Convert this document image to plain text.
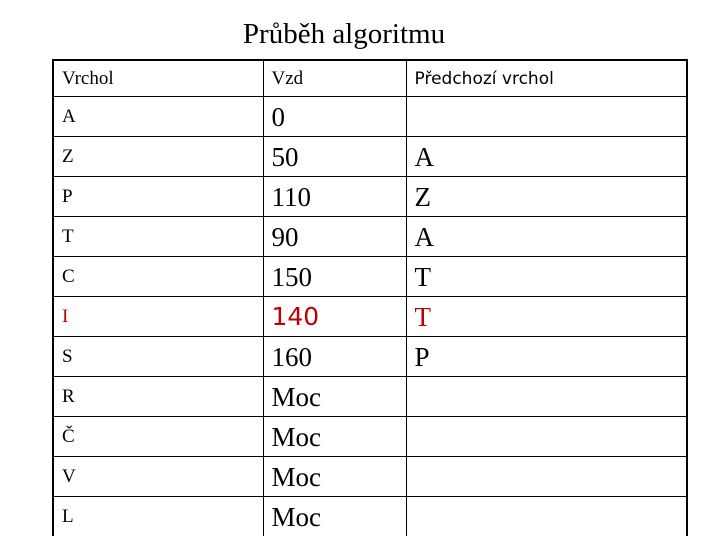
Průběh algoritmu
Vrchol	Vzd	Předchozí vrchol
A	0	
Z	50	A
P	110	Z
T	90	A
C	150	T
I	140	T
S	160	P
R	Moc	
Č	Moc	
V	Moc	
L	Moc	
